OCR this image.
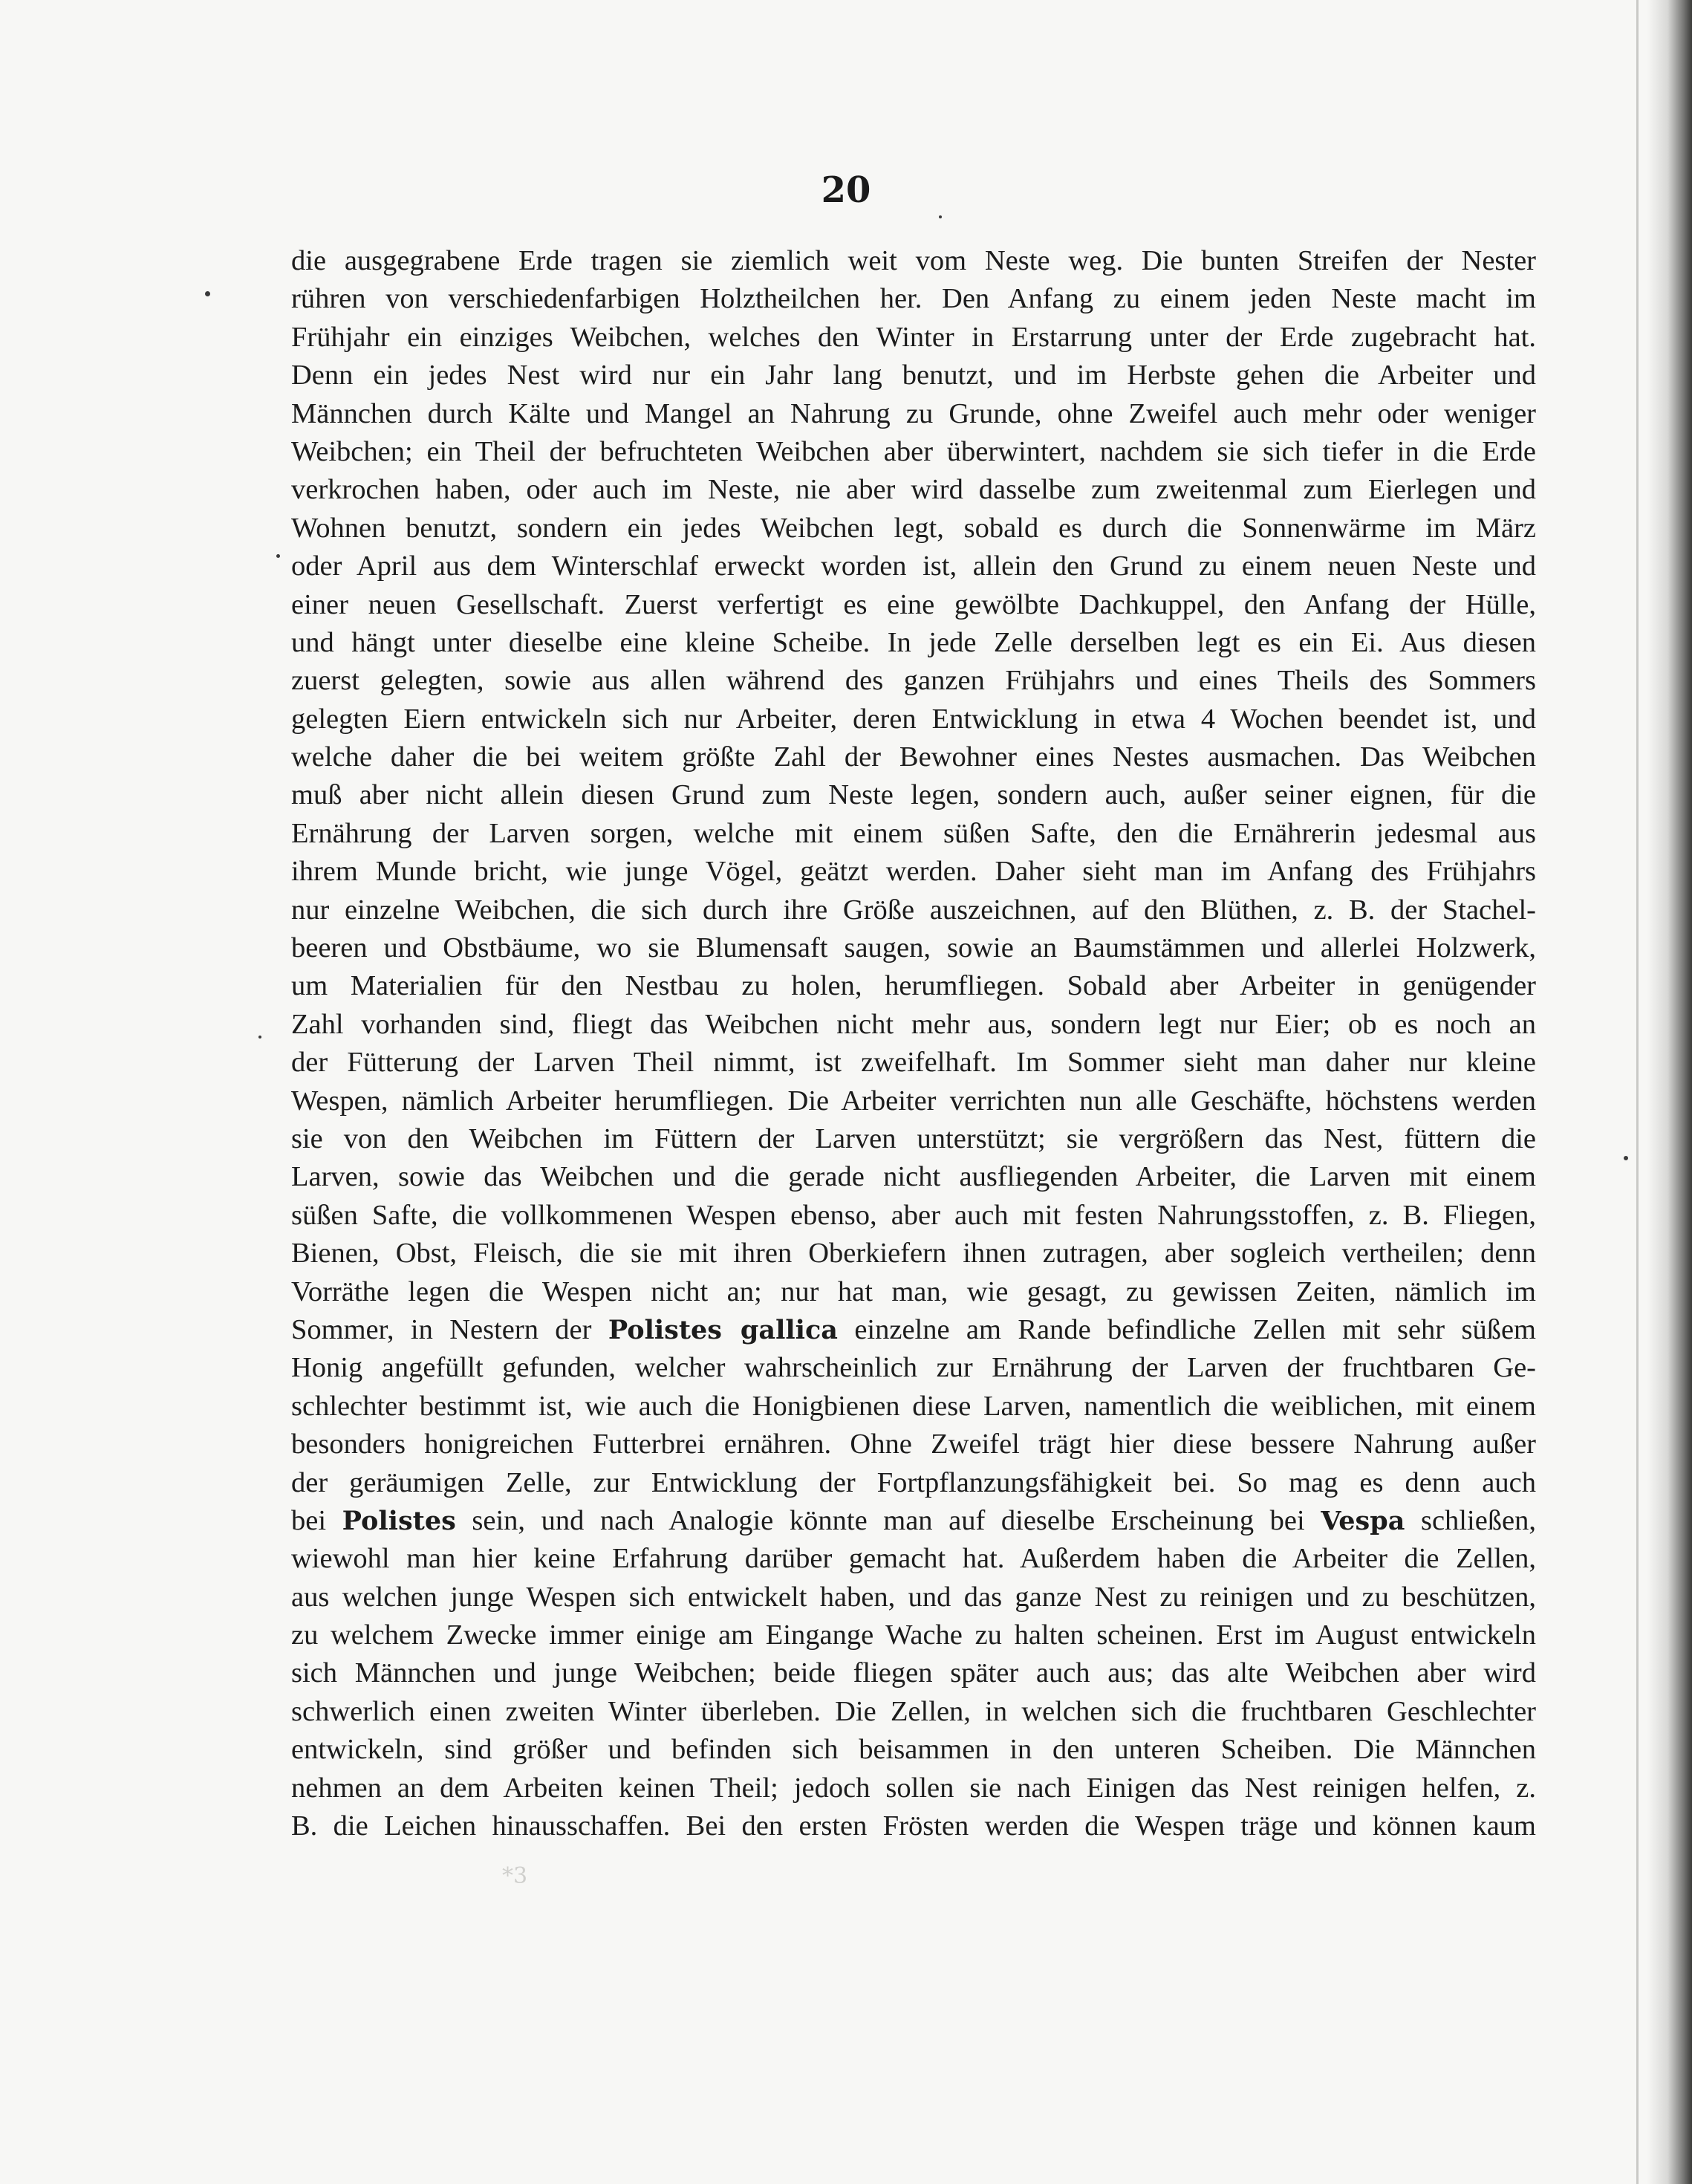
20
die ausgegrabene Erde tragen sie ziemlich weit vom Neste weg. Die bunten Streifen der Nester
rühren von verschiedenfarbigen Holztheilchen her. Den Anfang zu einem jeden Neste macht im
Frühjahr ein einziges Weibchen, welches den Winter in Erstarrung unter der Erde zugebracht hat.
Denn ein jedes Nest wird nur ein Jahr lang benutzt, und im Herbste gehen die Arbeiter und
Männchen durch Kälte und Mangel an Nahrung zu Grunde, ohne Zweifel auch mehr oder weniger
Weibchen; ein Theil der befruchteten Weibchen aber überwintert, nachdem sie sich tiefer in die Erde
verkrochen haben, oder auch im Neste, nie aber wird dasselbe zum zweitenmal zum Eierlegen und
Wohnen benutzt, sondern ein jedes Weibchen legt, sobald es durch die Sonnenwärme im März
oder April aus dem Winterschlaf erweckt worden ist, allein den Grund zu einem neuen Neste und
einer neuen Gesellschaft. Zuerst verfertigt es eine gewölbte Dachkuppel, den Anfang der Hülle,
und hängt unter dieselbe eine kleine Scheibe. In jede Zelle derselben legt es ein Ei. Aus diesen
zuerst gelegten, sowie aus allen während des ganzen Frühjahrs und eines Theils des Sommers
gelegten Eiern entwickeln sich nur Arbeiter, deren Entwicklung in etwa 4 Wochen beendet ist, und
welche daher die bei weitem größte Zahl der Bewohner eines Nestes ausmachen. Das Weibchen
muß aber nicht allein diesen Grund zum Neste legen, sondern auch, außer seiner eignen, für die
Ernährung der Larven sorgen, welche mit einem süßen Safte, den die Ernährerin jedesmal aus
ihrem Munde bricht, wie junge Vögel, geätzt werden. Daher sieht man im Anfang des Frühjahrs
nur einzelne Weibchen, die sich durch ihre Größe auszeichnen, auf den Blüthen, z. B. der Stachel-
beeren und Obstbäume, wo sie Blumensaft saugen, sowie an Baumstämmen und allerlei Holzwerk,
um Materialien für den Nestbau zu holen, herumfliegen. Sobald aber Arbeiter in genügender
Zahl vorhanden sind, fliegt das Weibchen nicht mehr aus, sondern legt nur Eier; ob es noch an
der Fütterung der Larven Theil nimmt, ist zweifelhaft. Im Sommer sieht man daher nur kleine
Wespen, nämlich Arbeiter herumfliegen. Die Arbeiter verrichten nun alle Geschäfte, höchstens werden
sie von den Weibchen im Füttern der Larven unterstützt; sie vergrößern das Nest, füttern die
Larven, sowie das Weibchen und die gerade nicht ausfliegenden Arbeiter, die Larven mit einem
süßen Safte, die vollkommenen Wespen ebenso, aber auch mit festen Nahrungsstoffen, z. B. Fliegen,
Bienen, Obst, Fleisch, die sie mit ihren Oberkiefern ihnen zutragen, aber sogleich vertheilen; denn
Vorräthe legen die Wespen nicht an; nur hat man, wie gesagt, zu gewissen Zeiten, nämlich im
Sommer, in Nestern der Polistes gallica einzelne am Rande befindliche Zellen mit sehr süßem
Honig angefüllt gefunden, welcher wahrscheinlich zur Ernährung der Larven der fruchtbaren Ge-
schlechter bestimmt ist, wie auch die Honigbienen diese Larven, namentlich die weiblichen, mit einem
besonders honigreichen Futterbrei ernähren. Ohne Zweifel trägt hier diese bessere Nahrung außer
der geräumigen Zelle, zur Entwicklung der Fortpflanzungsfähigkeit bei. So mag es denn auch
bei Polistes sein, und nach Analogie könnte man auf dieselbe Erscheinung bei Vespa schließen,
wiewohl man hier keine Erfahrung darüber gemacht hat. Außerdem haben die Arbeiter die Zellen,
aus welchen junge Wespen sich entwickelt haben, und das ganze Nest zu reinigen und zu beschützen,
zu welchem Zwecke immer einige am Eingange Wache zu halten scheinen. Erst im August entwickeln
sich Männchen und junge Weibchen; beide fliegen später auch aus; das alte Weibchen aber wird
schwerlich einen zweiten Winter überleben. Die Zellen, in welchen sich die fruchtbaren Geschlechter
entwickeln, sind größer und befinden sich beisammen in den unteren Scheiben. Die Männchen
nehmen an dem Arbeiten keinen Theil; jedoch sollen sie nach Einigen das Nest reinigen helfen, z.
B. die Leichen hinausschaffen. Bei den ersten Frösten werden die Wespen träge und können kaum
*3
